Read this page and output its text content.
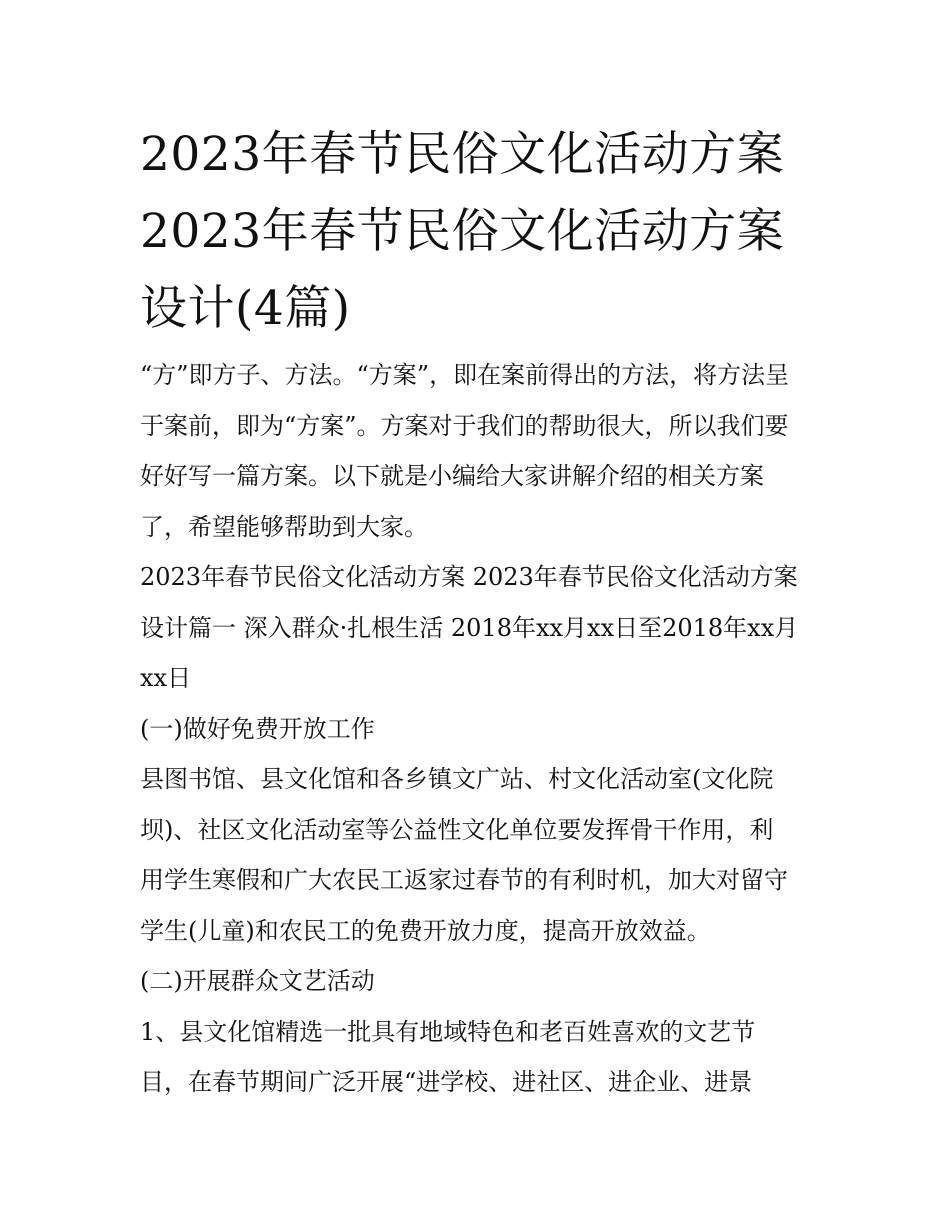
2023年春节民俗文化活动方案
2023年春节民俗文化活动方案
设计(4篇)

“方”即方子、方法。“方案”，即在案前得出的方法，将方法呈
于案前，即为“方案”。方案对于我们的帮助很大，所以我们要
好好写一篇方案。以下就是小编给大家讲解介绍的相关方案
了，希望能够帮助到大家。

2023年春节民俗文化活动方案 2023年春节民俗文化活动方案
设计篇一 深入群众·扎根生活 2018年xx月xx日至2018年xx月
xx日

(一)做好免费开放工作

县图书馆、县文化馆和各乡镇文广站、村文化活动室(文化院
坝)、社区文化活动室等公益性文化单位要发挥骨干作用，利
用学生寒假和广大农民工返家过春节的有利时机，加大对留守
学生(儿童)和农民工的免费开放力度，提高开放效益。

(二)开展群众文艺活动

1、县文化馆精选一批具有地域特色和老百姓喜欢的文艺节
目，在春节期间广泛开展“进学校、进社区、进企业、进景
